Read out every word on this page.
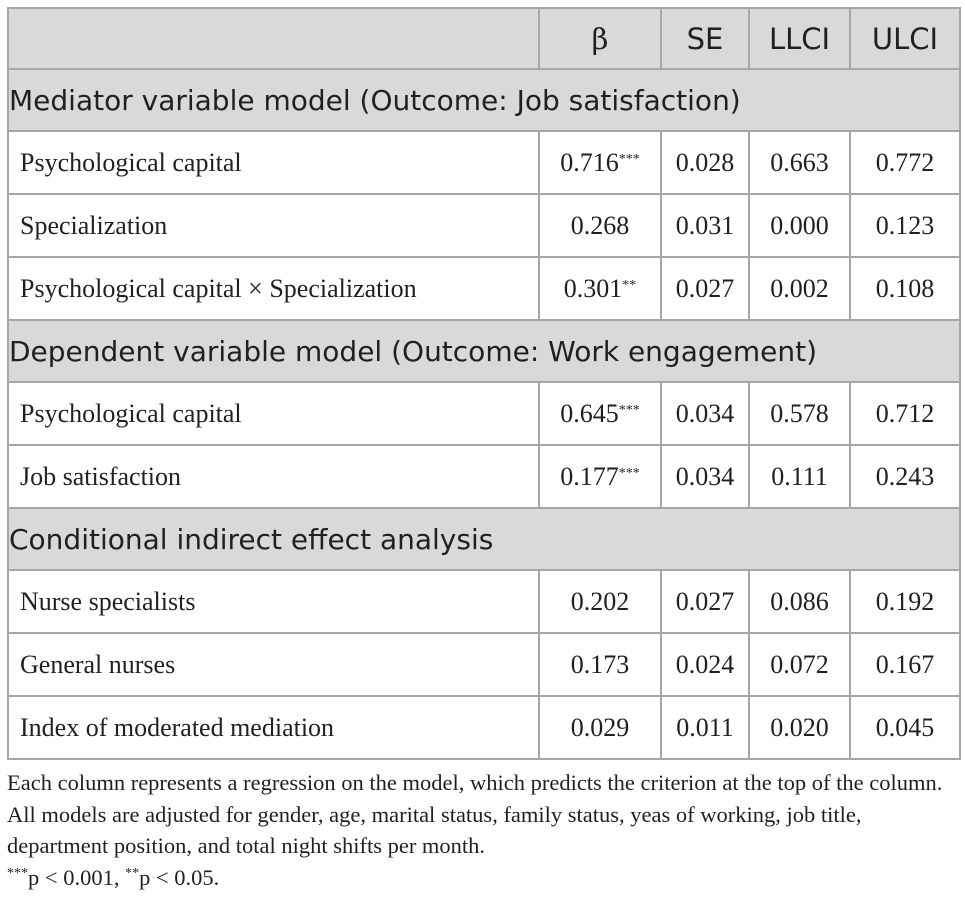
	β	SE	LLCI	ULCI
Mediator variable model (Outcome: Job satisfaction)				
Psychological capital	0.716***	0.028	0.663	0.772
Specialization	0.268	0.031	0.000	0.123
Psychological capital × Specialization	0.301**	0.027	0.002	0.108
Dependent variable model (Outcome: Work engagement)				
Psychological capital	0.645***	0.034	0.578	0.712
Job satisfaction	0.177***	0.034	0.111	0.243
Conditional indirect effect analysis				
Nurse specialists	0.202	0.027	0.086	0.192
General nurses	0.173	0.024	0.072	0.167
Index of moderated mediation	0.029	0.011	0.020	0.045

Each column represents a regression on the model, which predicts the criterion at the top of the column. All models are adjusted for gender, age, marital status, family status, yeas of working, job title, department position, and total night shifts per month.

***p < 0.001, **p < 0.05.
